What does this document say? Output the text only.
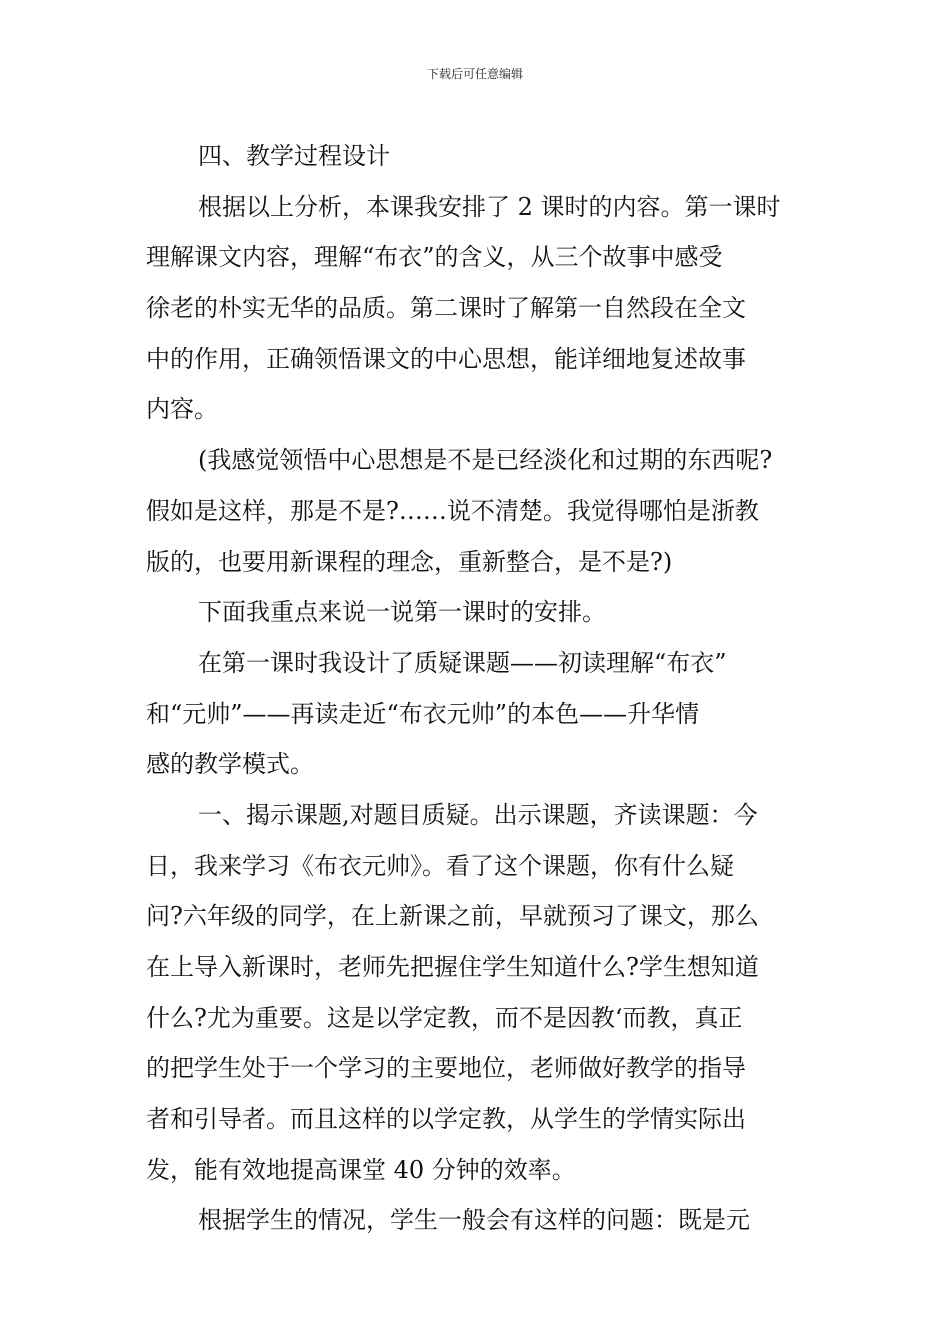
下载后可任意编辑
四、教学过程设计
根据以上分析，本课我安排了 2 课时的内容。第一课时
理解课文内容，理解“布衣”的含义，从三个故事中感受
徐老的朴实无华的品质。第二课时了解第一自然段在全文
中的作用，正确领悟课文的中心思想，能详细地复述故事
内容。
(我感觉领悟中心思想是不是已经淡化和过期的东西呢?
假如是这样，那是不是?……说不清楚。我觉得哪怕是浙教
版的，也要用新课程的理念，重新整合，是不是?)
下面我重点来说一说第一课时的安排。
在第一课时我设计了质疑课题——初读理解“布衣”
和“元帅”——再读走近“布衣元帅”的本色——升华情
感的教学模式。
一、揭示课题,对题目质疑。出示课题，齐读课题：今
日，我来学习《布衣元帅》。看了这个课题，你有什么疑
问?六年级的同学，在上新课之前，早就预习了课文，那么
在上导入新课时，老师先把握住学生知道什么?学生想知道
什么?尤为重要。这是以学定教，而不是因教‘而教，真正
的把学生处于一个学习的主要地位，老师做好教学的指导
者和引导者。而且这样的以学定教，从学生的学情实际出
发，能有效地提高课堂 40 分钟的效率。
根据学生的情况，学生一般会有这样的问题：既是元
